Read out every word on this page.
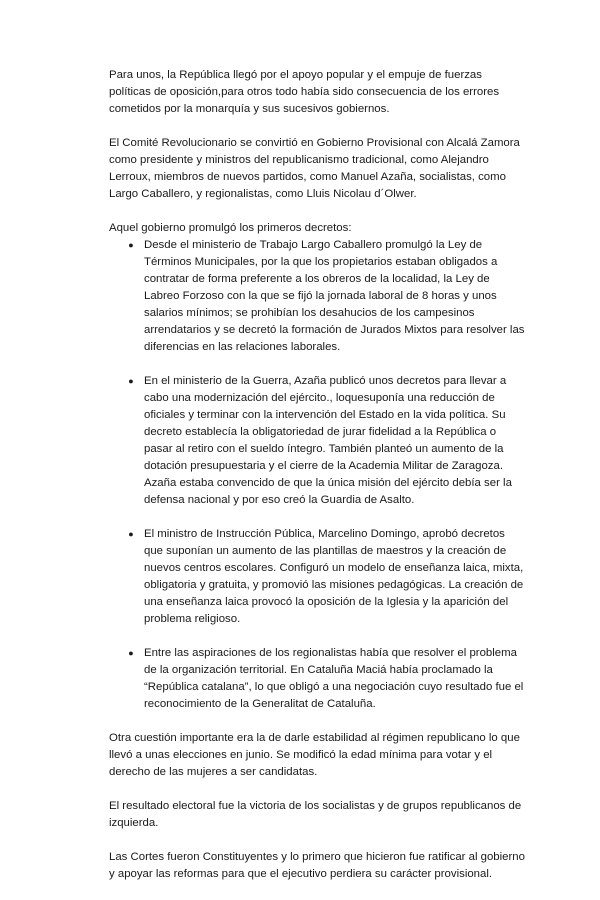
Para unos, la República llegó por el apoyo popular y el empuje de fuerzas políticas de oposición,para otros todo había sido consecuencia de los errores cometidos por la monarquía y sus sucesivos gobiernos.

El Comité Revolucionario se convirtió en Gobierno Provisional con Alcalá Zamora como presidente y ministros del republicanismo tradicional, como Alejandro Lerroux, miembros de nuevos partidos, como Manuel Azaña, socialistas, como Largo Caballero, y regionalistas, como Lluis Nicolau d´Olwer.

Aquel gobierno promulgó los primeros decretos:

● Desde el ministerio de Trabajo Largo Caballero promulgó la Ley de Términos Municipales, por la que los propietarios estaban obligados a contratar de forma preferente a los obreros de la localidad, la Ley de Labreo Forzoso con la que se fijó la jornada laboral de 8 horas y unos salarios mínimos; se prohibían los desahucios de los campesinos arrendatarios y se decretó la formación de Jurados Mixtos para resolver las diferencias en las relaciones laborales.
● En el ministerio de la Guerra, Azaña publicó unos decretos para llevar a cabo una modernización del ejército., loquesuponía una reducción de oficiales y terminar con la intervención del Estado en la vida política. Su decreto establecía la obligatoriedad de jurar fidelidad a la República o pasar al retiro con el sueldo íntegro. También planteó un aumento de la dotación presupuestaria y el cierre de la Academia Militar de Zaragoza. Azaña estaba convencido de que la única misión del ejército debía ser la defensa nacional y por eso creó la Guardia de Asalto.
● El ministro de Instrucción Pública, Marcelino Domingo, aprobó decretos que suponían un aumento de las plantillas de maestros y la creación de nuevos centros escolares. Configuró un modelo de enseñanza laica, mixta, obligatoria y gratuita, y promovió las misiones pedagógicas. La creación de una enseñanza laica provocó la oposición de la Iglesia y la aparición del problema religioso.
● Entre las aspiraciones de los regionalistas había que resolver el problema de la organización territorial. En Cataluña Maciá había proclamado la “República catalana”, lo que obligó a una negociación cuyo resultado fue el reconocimiento de la Generalitat de Cataluña.

Otra cuestión importante era la de darle estabilidad al régimen republicano lo que llevó a unas elecciones en junio. Se modificó la edad mínima para votar y el derecho de las mujeres a ser candidatas.

El resultado electoral fue la victoria de los socialistas y de grupos republicanos de izquierda.

Las Cortes fueron Constituyentes y lo primero que hicieron fue ratificar al gobierno y apoyar las reformas para que el ejecutivo perdiera su carácter provisional.
